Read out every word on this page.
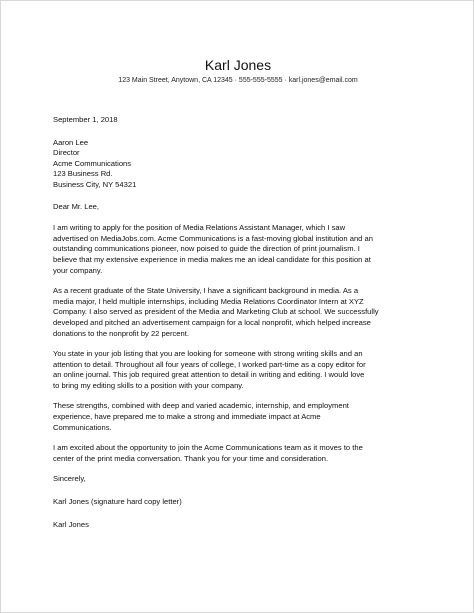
Karl Jones
123 Main Street, Anytown, CA 12345 · 555-555-5555 · karl.jones@email.com
September 1, 2018
Aaron Lee
Director
Acme Communications
123 Business Rd.
Business City, NY 54321
Dear Mr. Lee,
I am writing to apply for the position of Media Relations Assistant Manager, which I saw
advertised on MediaJobs.com. Acme Communications is a fast-moving global institution and an
outstanding communications pioneer, now poised to guide the direction of print journalism. I
believe that my extensive experience in media makes me an ideal candidate for this position at
your company.
As a recent graduate of the State University, I have a significant background in media. As a
media major, I held multiple internships, including Media Relations Coordinator Intern at XYZ
Company. I also served as president of the Media and Marketing Club at school. We successfully
developed and pitched an advertisement campaign for a local nonprofit, which helped increase
donations to the nonprofit by 22 percent.
You state in your job listing that you are looking for someone with strong writing skills and an
attention to detail. Throughout all four years of college, I worked part-time as a copy editor for
an online journal. This job required great attention to detail in writing and editing. I would love
to bring my editing skills to a position with your company.
These strengths, combined with deep and varied academic, internship, and employment
experience, have prepared me to make a strong and immediate impact at Acme
Communications.
I am excited about the opportunity to join the Acme Communications team as it moves to the
center of the print media conversation. Thank you for your time and consideration.
Sincerely,
Karl Jones (signature hard copy letter)
Karl Jones
